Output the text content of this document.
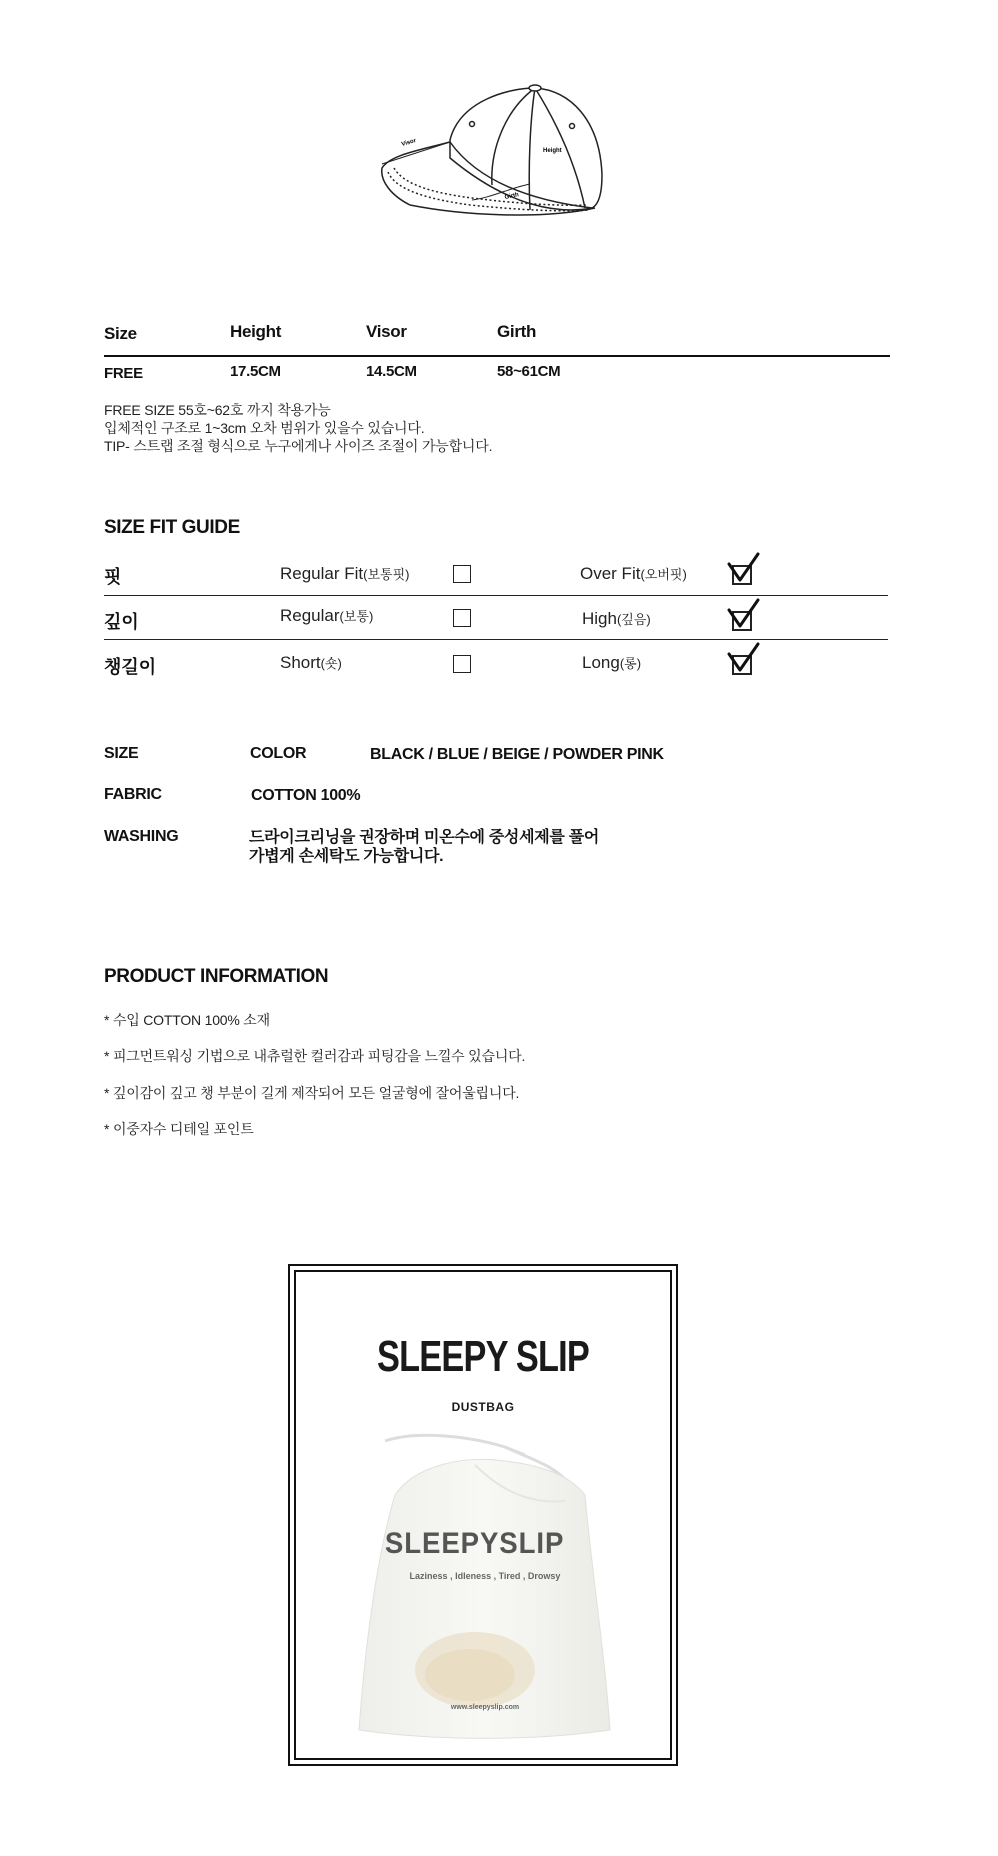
Visor
Height
Girth
Size	Height	Visor	Girth
FREE	17.5CM	14.5CM	58~61CM
FREE SIZE 55호~62호 까지 착용가능
입체적인 구조로 1~3cm 오차 범위가 있을수 있습니다.
TIP- 스트랩 조절 형식으로 누구에게나 사이즈 조절이 가능합니다.
SIZE FIT GUIDE
핏	Regular Fit(보통핏)	Over Fit(오버핏)
깊이	Regular(보통)	High(깊음)
챙길이	Short(숏)	Long(롱)
SIZE	COLOR	BLACK / BLUE / BEIGE / POWDER PINK
FABRIC	COTTON 100%
WASHING	드라이크리닝을 권장하며 미온수에 중성세제를 풀어
가볍게 손세탁도 가능합니다.
PRODUCT INFORMATION
* 수입 COTTON 100% 소재
* 피그먼트워싱 기법으로 내츄럴한 컬러감과 피팅감을 느낄수 있습니다.
* 깊이감이 깊고 챙 부분이 길게 제작되어 모든 얼굴형에 잘어울립니다.
* 이중자수 디테일 포인트
SLEEPY SLIP
DUSTBAG
SLEEPYSLIP
Laziness , Idleness , Tired , Drowsy
www.sleepyslip.com
